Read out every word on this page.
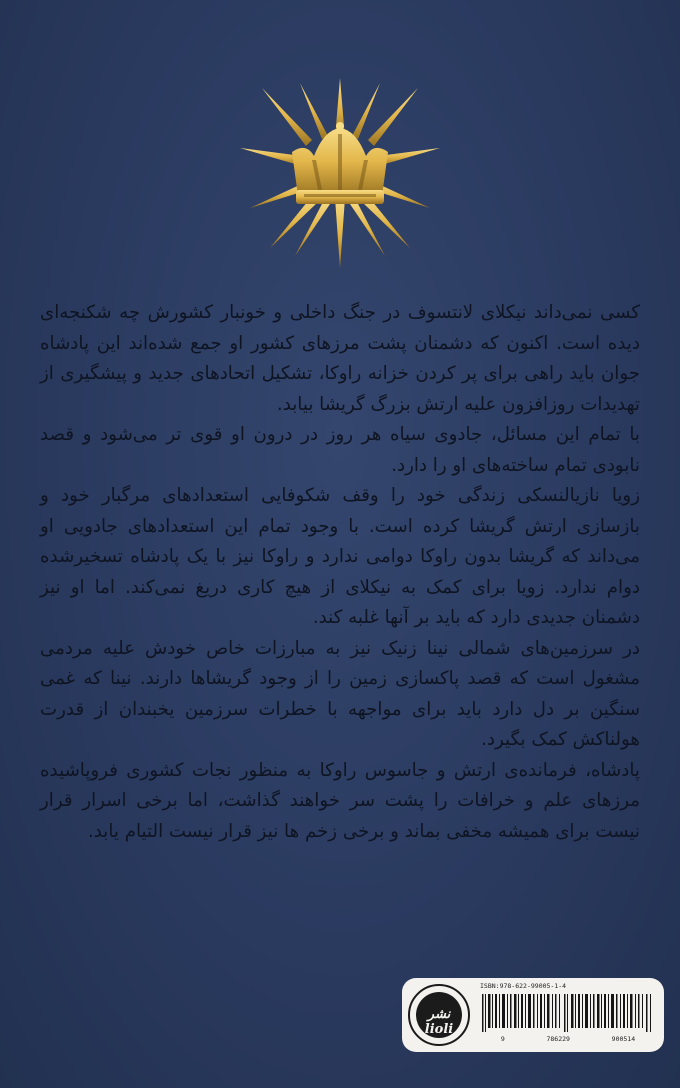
کسی نمی‌داند نیکلای لانتسوف در جنگ داخلی و خونبار کشورش چه شکنجه‌ای دیده است. اکنون که دشمنان پشت مرزهای کشور او جمع شده‌اند این پادشاه جوان باید راهی برای پر کردن خزانه راوکا، تشکیل اتحادهای جدید و پیشگیری از تهدیدات روزافزون علیه ارتش بزرگ گریشا بیابد.

با تمام این مسائل، جادوی سیاه هر روز در درون او قوی تر می‌شود و قصد نابودی تمام ساخته‌های او را دارد.

زویا نازیالنسکی زندگی خود را وقف شکوفایی استعدادهای مرگبار خود و بازسازی ارتش گریشا کرده است. با وجود تمام این استعدادهای جادویی او می‌داند که گریشا بدون راوکا دوامی ندارد و راوکا نیز با یک پادشاه تسخیرشده دوام ندارد. زویا برای کمک به نیکلای از هیچ کاری دریغ نمی‌کند. اما او نیز دشمنان جدیدی دارد که باید بر آنها غلبه کند.

در سرزمین‌های شمالی نینا زنیک نیز به مبارزات خاص خودش علیه مردمی مشغول است که قصد پاکسازی زمین را از وجود گریشاها دارند. نینا که غمی سنگین بر دل دارد باید برای مواجهه با خطرات سرزمین یخبندان از قدرت هولناکش کمک بگیرد.

پادشاه، فرمانده‌ی ارتش و جاسوس راوکا به منظور نجات کشوری فروپاشیده مرزهای علم و خرافات را پشت سر خواهند گذاشت، اما برخی اسرار قرار نیست برای همیشه مخفی بماند و برخی زخم ها نیز قرار نیست التیام یابد.

نشر lioli
ISBN:978-622-99005-1-4
9	786229	900514
